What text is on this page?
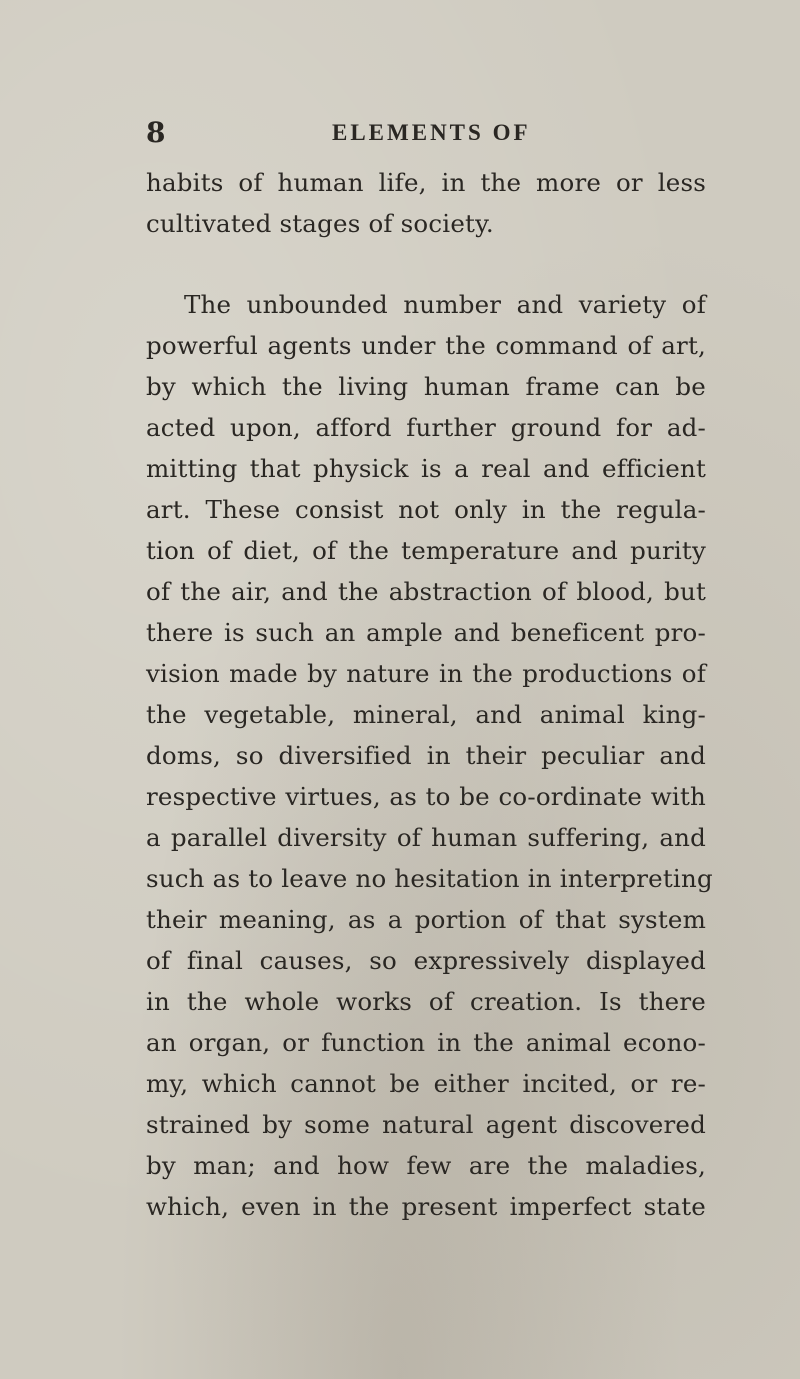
8	ELEMENTS OF
habits of human life, in the more or less
cultivated stages of society.
The unbounded number and variety of
powerful agents under the command of art,
by which the living human frame can be
acted upon, afford further ground for ad-
mitting that physick is a real and efficient
art. These consist not only in the regula-
tion of diet, of the temperature and purity
of the air, and the abstraction of blood, but
there is such an ample and beneficent pro-
vision made by nature in the productions of
the vegetable, mineral, and animal king-
doms, so diversified in their peculiar and
respective virtues, as to be co-ordinate with
a parallel diversity of human suffering, and
such as to leave no hesitation in interpreting
their meaning, as a portion of that system
of final causes, so expressively displayed
in the whole works of creation. Is there
an organ, or function in the animal econo-
my, which cannot be either incited, or re-
strained by some natural agent discovered
by man; and how few are the maladies,
which, even in the present imperfect state
